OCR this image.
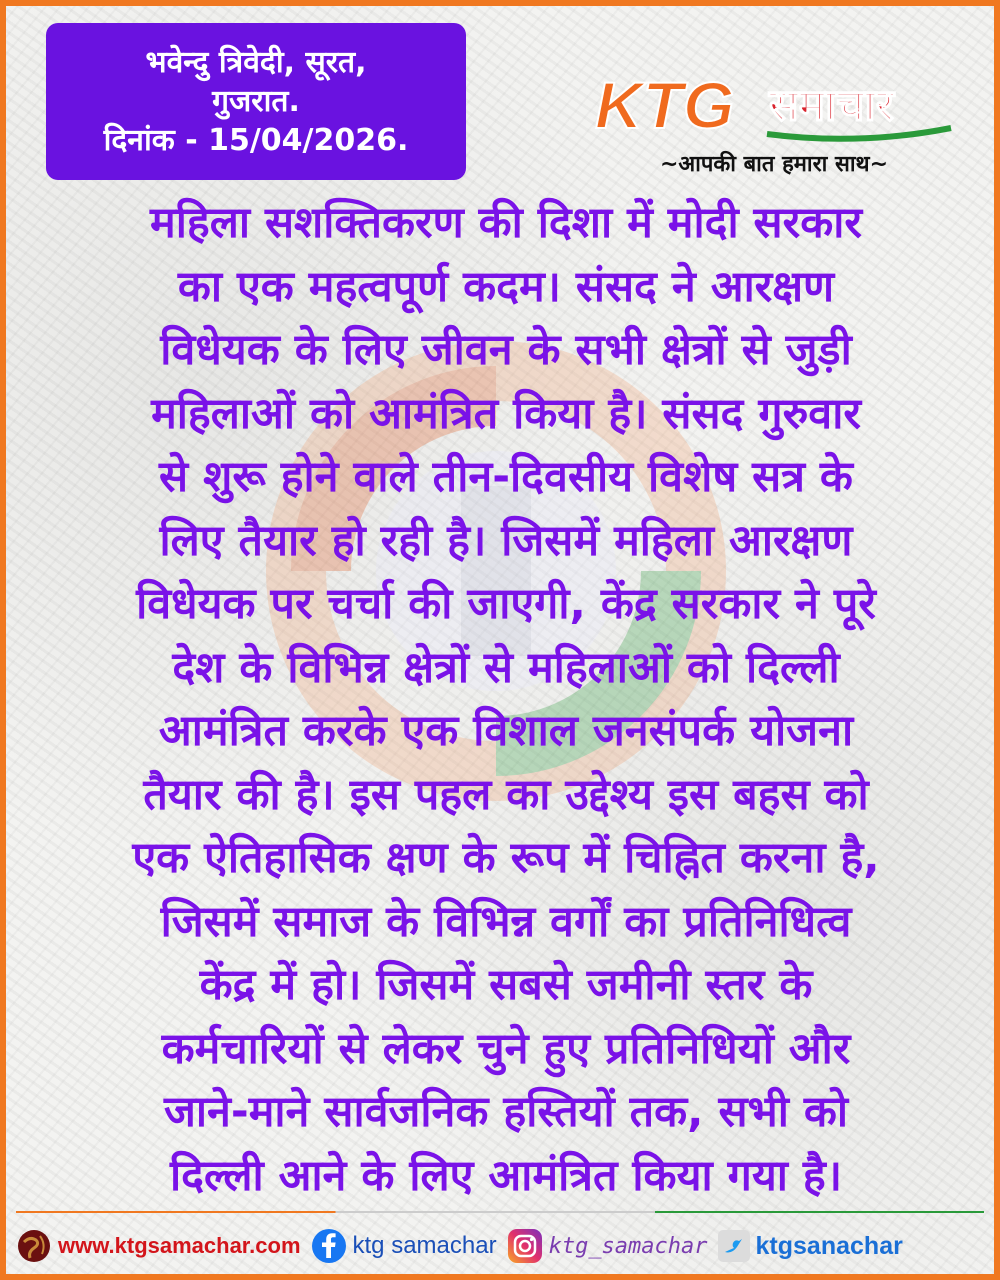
भवेन्दु त्रिवेदी, सूरत,
गुजरात.
दिनांक - 15/04/2026.	KTG समाचार
~आपकी बात हमारा साथ~
महिला सशक्तिकरण की दिशा में मोदी सरकार
का एक महत्वपूर्ण कदम। संसद ने आरक्षण
विधेयक के लिए जीवन के सभी क्षेत्रों से जुड़ी
महिलाओं को आमंत्रित किया है। संसद गुरुवार
से शुरू होने वाले तीन-दिवसीय विशेष सत्र के
लिए तैयार हो रही है। जिसमें महिला आरक्षण
विधेयक पर चर्चा की जाएगी, केंद्र सरकार ने पूरे
देश के विभिन्न क्षेत्रों से महिलाओं को दिल्ली
आमंत्रित करके एक विशाल जनसंपर्क योजना
तैयार की है। इस पहल का उद्देश्य इस बहस को
एक ऐतिहासिक क्षण के रूप में चिह्नित करना है,
जिसमें समाज के विभिन्न वर्गों का प्रतिनिधित्व
केंद्र में हो। जिसमें सबसे जमीनी स्तर के
कर्मचारियों से लेकर चुने हुए प्रतिनिधियों और
जाने-माने सार्वजनिक हस्तियों तक, सभी को
दिल्ली आने के लिए आमंत्रित किया गया है।
www.ktgsamachar.com ktg samachar ktg_samachar ktgsanachar
